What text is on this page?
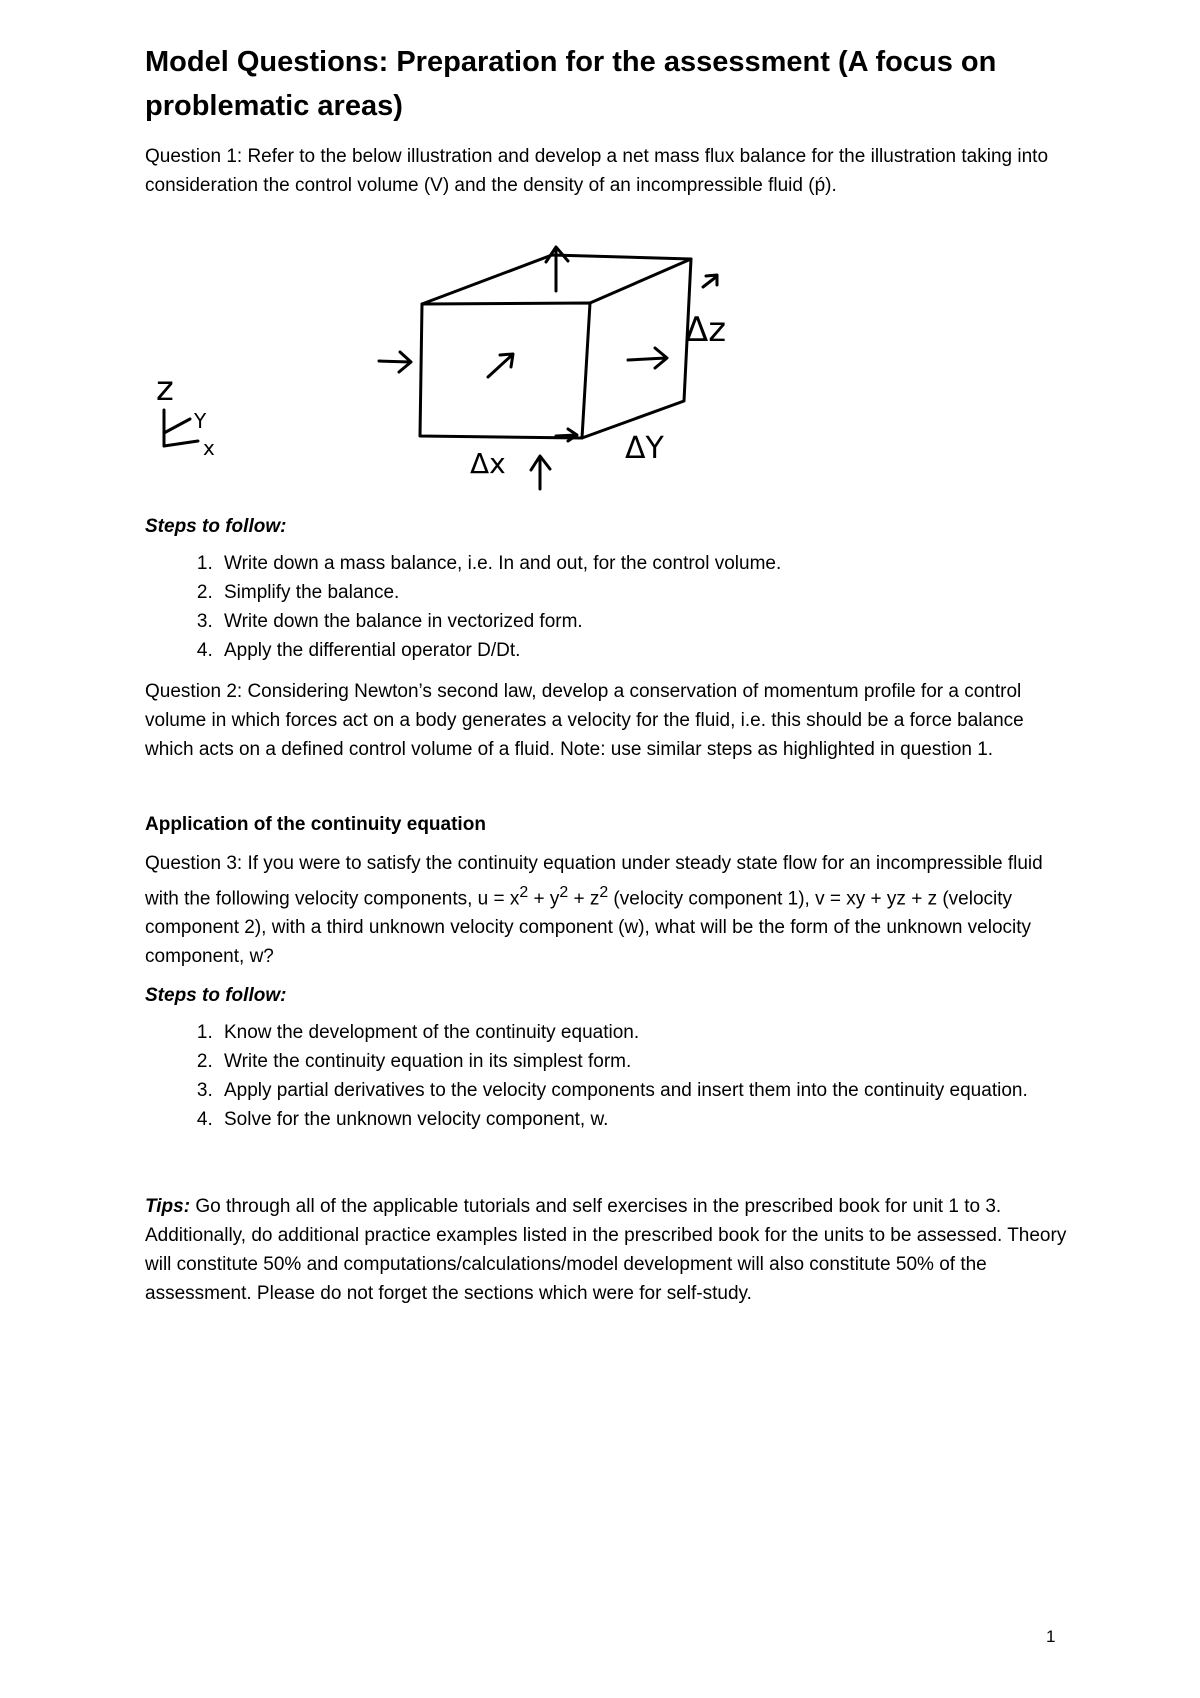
Model Questions: Preparation for the assessment (A focus on problematic areas)

Question 1: Refer to the below illustration and develop a net mass flux balance for the illustration taking into consideration the control volume (V) and the density of an incompressible fluid (ṕ).

z
Y
x
Δz
Δx	ΔY

Steps to follow:

1. Write down a mass balance, i.e. In and out, for the control volume.
2. Simplify the balance.
3. Write down the balance in vectorized form.
4. Apply the differential operator D/Dt.

Question 2: Considering Newton’s second law, develop a conservation of momentum profile for a control volume in which forces act on a body generates a velocity for the fluid, i.e. this should be a force balance which acts on a defined control volume of a fluid. Note: use similar steps as highlighted in question 1.

Application of the continuity equation

Question 3: If you were to satisfy the continuity equation under steady state flow for an incompressible fluid with the following velocity components, $u = x^2 + y^2 + z^2$ (velocity component 1), v = xy + yz + z (velocity component 2), with a third unknown velocity component (w), what will be the form of the unknown velocity component, w?

Steps to follow:

1. Know the development of the continuity equation.
2. Write the continuity equation in its simplest form.
3. Apply partial derivatives to the velocity components and insert them into the continuity equation.
4. Solve for the unknown velocity component, w.

Tips: Go through all of the applicable tutorials and self exercises in the prescribed book for unit 1 to 3. Additionally, do additional practice examples listed in the prescribed book for the units to be assessed. Theory will constitute 50% and computations/calculations/model development will also constitute 50% of the assessment. Please do not forget the sections which were for self-study.

1
